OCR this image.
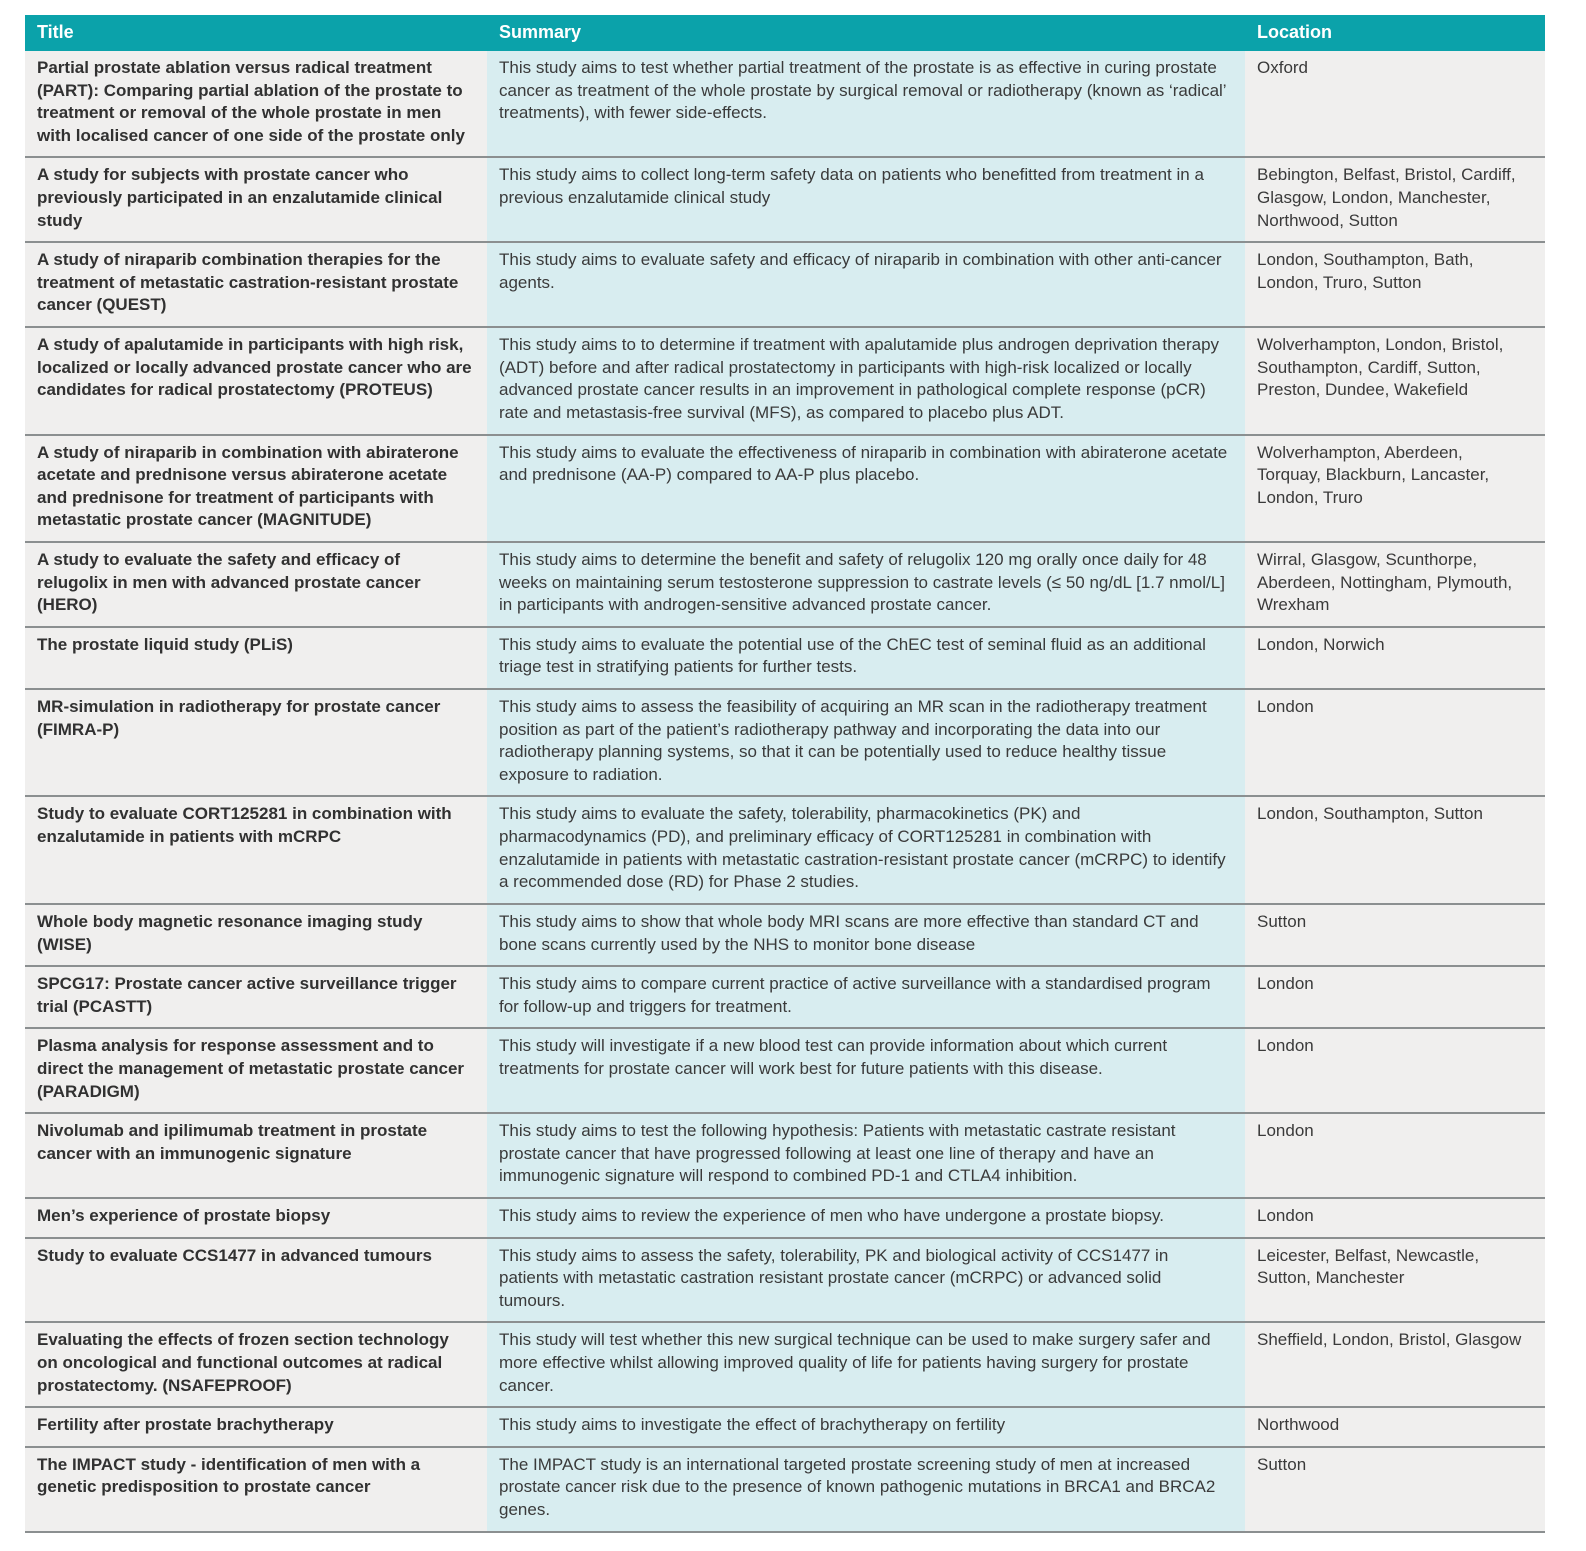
Title	Summary	Location
Partial prostate ablation versus radical treatment (PART): Comparing partial ablation of the prostate to treatment or removal of the whole prostate in men with localised cancer of one side of the prostate only	This study aims to test whether partial treatment of the prostate is as effective in curing prostate cancer as treatment of the whole prostate by surgical removal or radiotherapy (known as ‘radical’ treatments), with fewer side-effects.	Oxford
A study for subjects with prostate cancer who previously participated in an enzalutamide clinical study	This study aims to collect long-term safety data on patients who benefitted from treatment in a previous enzalutamide clinical study	Bebington, Belfast, Bristol, Cardiff, Glasgow, London, Manchester, Northwood, Sutton
A study of niraparib combination therapies for the treatment of metastatic castration-resistant prostate cancer (QUEST)	This study aims to evaluate safety and efficacy of niraparib in combination with other anti-cancer agents.	London, Southampton, Bath, London, Truro, Sutton
A study of apalutamide in participants with high risk, localized or locally advanced prostate cancer who are candidates for radical prostatectomy (PROTEUS)	This study aims to to determine if treatment with apalutamide plus androgen deprivation therapy (ADT) before and after radical prostatectomy in participants with high-risk localized or locally advanced prostate cancer results in an improvement in pathological complete response (pCR) rate and metastasis-free survival (MFS), as compared to placebo plus ADT.	Wolverhampton, London, Bristol, Southampton, Cardiff, Sutton, Preston, Dundee, Wakefield
A study of niraparib in combination with abiraterone acetate and prednisone versus abiraterone acetate and prednisone for treatment of participants with metastatic prostate cancer (MAGNITUDE)	This study aims to evaluate the effectiveness of niraparib in combination with abiraterone acetate and prednisone (AA-P) compared to AA-P plus placebo.	Wolverhampton, Aberdeen, Torquay, Blackburn, Lancaster, London, Truro
A study to evaluate the safety and efficacy of relugolix in men with advanced prostate cancer (HERO)	This study aims to determine the benefit and safety of relugolix 120 mg orally once daily for 48 weeks on maintaining serum testosterone suppression to castrate levels (≤ 50 ng/dL [1.7 nmol/L] in participants with androgen-sensitive advanced prostate cancer.	Wirral, Glasgow, Scunthorpe, Aberdeen, Nottingham, Plymouth, Wrexham
The prostate liquid study (PLiS)	This study aims to evaluate the potential use of the ChEC test of seminal fluid as an additional triage test in stratifying patients for further tests.	London, Norwich
MR-simulation in radiotherapy for prostate cancer (FIMRA-P)	This study aims to assess the feasibility of acquiring an MR scan in the radiotherapy treatment position as part of the patient’s radiotherapy pathway and incorporating the data into our radiotherapy planning systems, so that it can be potentially used to reduce healthy tissue exposure to radiation.	London
Study to evaluate CORT125281 in combination with enzalutamide in patients with mCRPC	This study aims to evaluate the safety, tolerability, pharmacokinetics (PK) and pharmacodynamics (PD), and preliminary efficacy of CORT125281 in combination with enzalutamide in patients with metastatic castration-resistant prostate cancer (mCRPC) to identify a recommended dose (RD) for Phase 2 studies.	London, Southampton, Sutton
Whole body magnetic resonance imaging study (WISE)	This study aims to show that whole body MRI scans are more effective than standard CT and bone scans currently used by the NHS to monitor bone disease	Sutton
SPCG17: Prostate cancer active surveillance trigger trial (PCASTT)	This study aims to compare current practice of active surveillance with a standardised program for follow-up and triggers for treatment.	London
Plasma analysis for response assessment and to direct the management of metastatic prostate cancer (PARADIGM)	This study will investigate if a new blood test can provide information about which current treatments for prostate cancer will work best for future patients with this disease.	London
Nivolumab and ipilimumab treatment in prostate cancer with an immunogenic signature	This study aims to test the following hypothesis: Patients with metastatic castrate resistant prostate cancer that have progressed following at least one line of therapy and have an immunogenic signature will respond to combined PD-1 and CTLA4 inhibition.	London
Men’s experience of prostate biopsy	This study aims to review the experience of men who have undergone a prostate biopsy.	London
Study to evaluate CCS1477 in advanced tumours	This study aims to assess the safety, tolerability, PK and biological activity of CCS1477 in patients with metastatic castration resistant prostate cancer (mCRPC) or advanced solid tumours.	Leicester, Belfast, Newcastle, Sutton, Manchester
Evaluating the effects of frozen section technology on oncological and functional outcomes at radical prostatectomy. (NSAFEPROOF)	This study will test whether this new surgical technique can be used to make surgery safer and more effective whilst allowing improved quality of life for patients having surgery for prostate cancer.	Sheffield, London, Bristol, Glasgow
Fertility after prostate brachytherapy	This study aims to investigate the effect of brachytherapy on fertility	Northwood
The IMPACT study - identification of men with a genetic predisposition to prostate cancer	The IMPACT study is an international targeted prostate screening study of men at increased prostate cancer risk due to the presence of known pathogenic mutations in BRCA1 and BRCA2 genes.	Sutton
